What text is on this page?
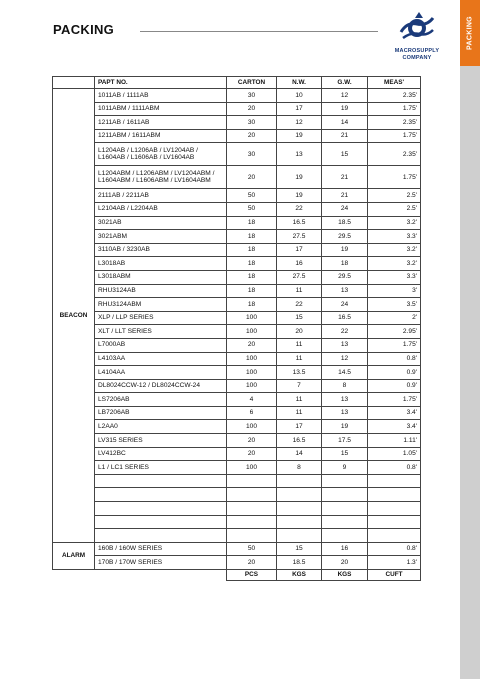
PACKING
MACROSUPPLY
COMPANY
PACKING
	PAPT NO.	CARTON	N.W.	G.W.	MEAS'
BEACON	1011AB / 1111AB	30	10	12	2.35'
	1011ABM / 1111ABM	20	17	19	1.75'
	1211AB / 1611AB	30	12	14	2.35'
	1211ABM / 1611ABM	20	19	21	1.75'
	L1204AB / L1206AB / LV1204AB / L1604AB / L1606AB / LV1604AB	30	13	15	2.35'
	L1204ABM / L1206ABM / LV1204ABM / L1604ABM / L1606ABM / LV1604ABM	20	19	21	1.75'
	2111AB / 2211AB	50	19	21	2.5'
	L2104AB / L2204AB	50	22	24	2.5'
	3021AB	18	16.5	18.5	3.2'
	3021ABM	18	27.5	29.5	3.3'
	3110AB / 3230AB	18	17	19	3.2'
	L3018AB	18	16	18	3.2'
	L3018ABM	18	27.5	29.5	3.3'
	RHU3124AB	18	11	13	3'
	RHU3124ABM	18	22	24	3.5'
	XLP / LLP SERIES	100	15	16.5	2'
	XLT / LLT SERIES	100	20	22	2.95'
	L7000AB	20	11	13	1.75'
	L4103AA	100	11	12	0.8'
	L4104AA	100	13.5	14.5	0.9'
	DL8024CCW-12 / DL8024CCW-24	100	7	8	0.9'
	LS7206AB	4	11	13	1.75'
	LB7206AB	6	11	13	3.4'
	L2AA0	100	17	19	3.4'
	LV315 SERIES	20	16.5	17.5	1.11'
	LV412BC	20	14	15	1.05'
	L1 / LC1 SERIES	100	8	9	0.8'

ALARM	160B / 160W SERIES	50	15	16	0.8'
	170B / 170W SERIES	20	18.5	20	1.3'
		PCS	KGS	KGS	CUFT
